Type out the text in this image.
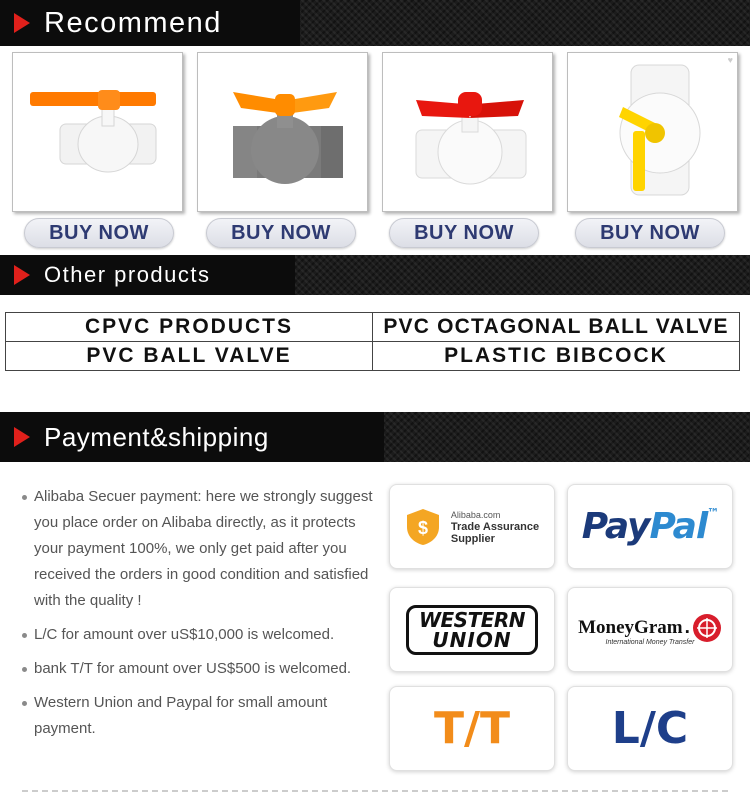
Recommend
♥
BUY NOW	BUY NOW	BUY NOW	BUY NOW
Other products
CPVC PRODUCTS	PVC OCTAGONAL BALL VALVE
PVC BALL VALVE	PLASTIC BIBCOCK
Payment&shipping
Alibaba Secuer payment: here we strongly suggest you place order on Alibaba directly, as it protects your payment 100%, we only get paid after you received the orders in good condition and satisfied with the quality !
L/C for amount over uS$10,000 is welcomed.
bank T/T for amount over US$500 is welcomed.
Western Union and Paypal for small amount payment.
$
Alibaba.com
Trade Assurance
Supplier	PayPal™
WESTERN
UNION	MoneyGram .
International Money Transfer
T/T L/C
